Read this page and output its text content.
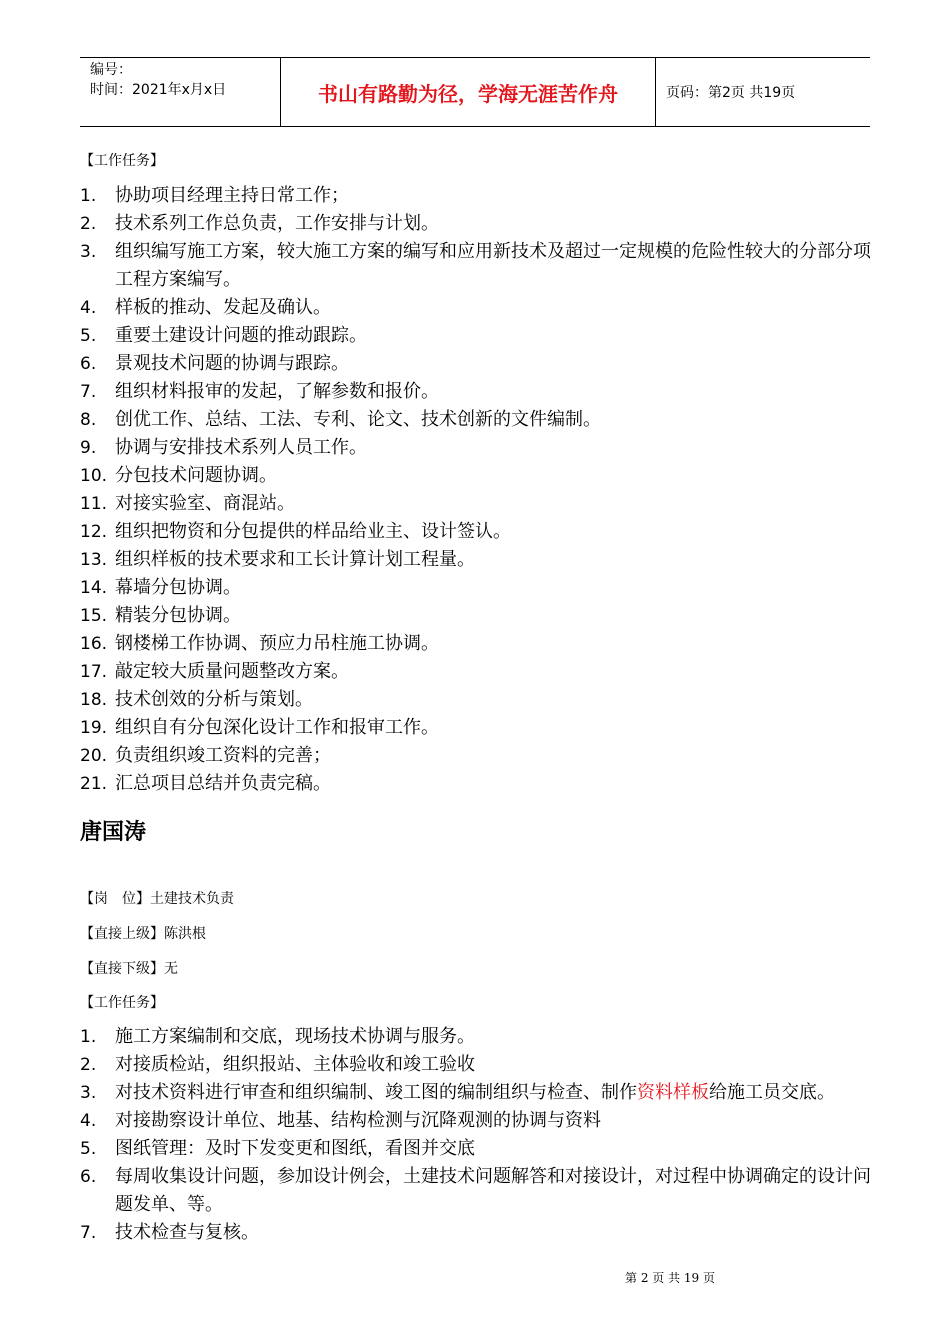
编号：
时间：2021年x月x日	书山有路勤为径，学海无涯苦作舟	页码：第2页 共19页
【工作任务】
1. 协助项目经理主持日常工作；
2. 技术系列工作总负责，工作安排与计划。
3. 组织编写施工方案，较大施工方案的编写和应用新技术及超过一定规模的危险性较大的分部分项工程方案编写。
4. 样板的推动、发起及确认。
5. 重要土建设计问题的推动跟踪。
6. 景观技术问题的协调与跟踪。
7. 组织材料报审的发起，了解参数和报价。
8. 创优工作、总结、工法、专利、论文、技术创新的文件编制。
9. 协调与安排技术系列人员工作。
10. 分包技术问题协调。
11. 对接实验室、商混站。
12. 组织把物资和分包提供的样品给业主、设计签认。
13. 组织样板的技术要求和工长计算计划工程量。
14. 幕墙分包协调。
15. 精装分包协调。
16. 钢楼梯工作协调、预应力吊柱施工协调。
17. 敲定较大质量问题整改方案。
18. 技术创效的分析与策划。
19. 组织自有分包深化设计工作和报审工作。
20. 负责组织竣工资料的完善；
21. 汇总项目总结并负责完稿。
唐国涛
【岗　位】土建技术负责
【直接上级】陈洪根
【直接下级】无
【工作任务】
1. 施工方案编制和交底，现场技术协调与服务。
2. 对接质检站，组织报站、主体验收和竣工验收
3. 对技术资料进行审查和组织编制、竣工图的编制组织与检查、制作资料样板给施工员交底。
4. 对接勘察设计单位、地基、结构检测与沉降观测的协调与资料
5. 图纸管理：及时下发变更和图纸，看图并交底
6. 每周收集设计问题，参加设计例会，土建技术问题解答和对接设计，对过程中协调确定的设计问题发单、等。
7. 技术检查与复核。
第 2 页 共 19 页
